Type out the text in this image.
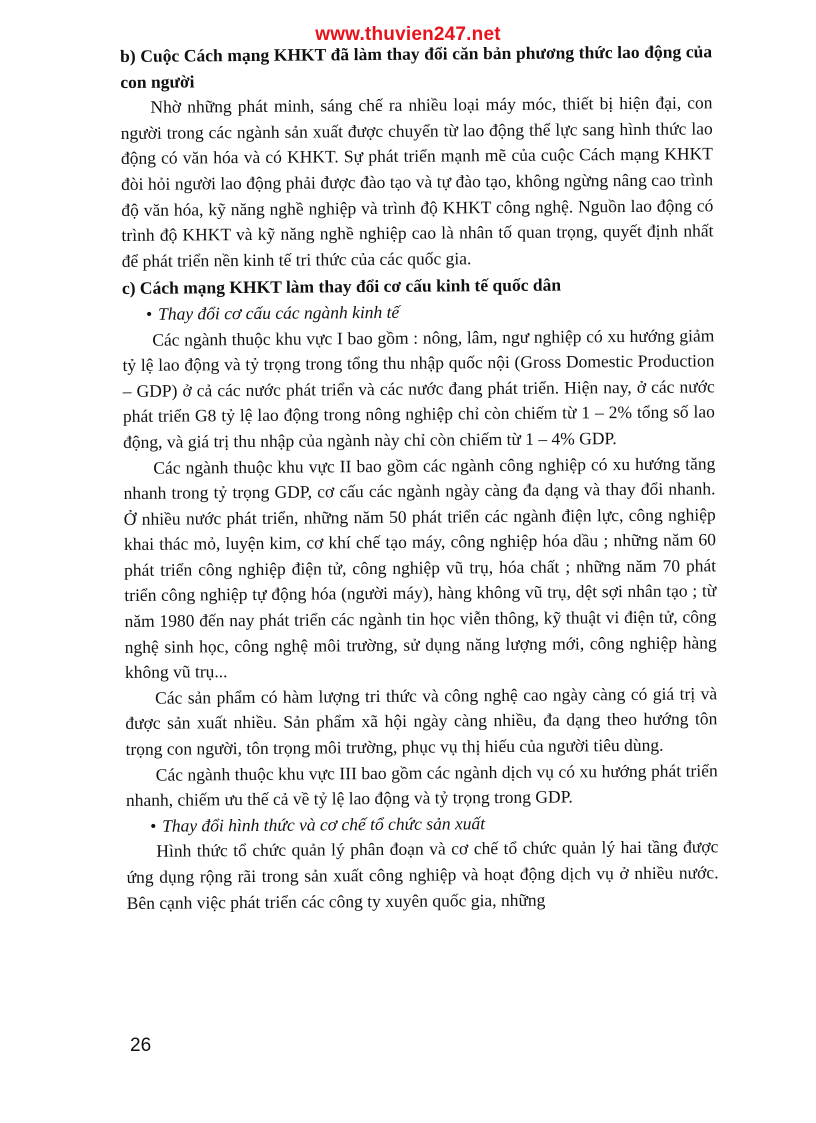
www.thuvien247.net

b) Cuộc Cách mạng KHKT đã làm thay đổi căn bản phương thức lao động của con người

Nhờ những phát minh, sáng chế ra nhiều loại máy móc, thiết bị hiện đại, con người trong các ngành sản xuất được chuyển từ lao động thể lực sang hình thức lao động có văn hóa và có KHKT. Sự phát triển mạnh mẽ của cuộc Cách mạng KHKT đòi hỏi người lao động phải được đào tạo và tự đào tạo, không ngừng nâng cao trình độ văn hóa, kỹ năng nghề nghiệp và trình độ KHKT công nghệ. Nguồn lao động có trình độ KHKT và kỹ năng nghề nghiệp cao là nhân tố quan trọng, quyết định nhất để phát triển nền kinh tế tri thức của các quốc gia.

c) Cách mạng KHKT làm thay đổi cơ cấu kinh tế quốc dân

• Thay đổi cơ cấu các ngành kinh tế

Các ngành thuộc khu vực I bao gồm : nông, lâm, ngư nghiệp có xu hướng giảm tỷ lệ lao động và tỷ trọng trong tổng thu nhập quốc nội (Gross Domestic Production – GDP) ở cả các nước phát triển và các nước đang phát triển. Hiện nay, ở các nước phát triển G8 tỷ lệ lao động trong nông nghiệp chỉ còn chiếm từ 1 – 2% tổng số lao động, và giá trị thu nhập của ngành này chỉ còn chiếm từ 1 – 4% GDP.

Các ngành thuộc khu vực II bao gồm các ngành công nghiệp có xu hướng tăng nhanh trong tỷ trọng GDP, cơ cấu các ngành ngày càng đa dạng và thay đổi nhanh. Ở nhiều nước phát triển, những năm 50 phát triển các ngành điện lực, công nghiệp khai thác mỏ, luyện kim, cơ khí chế tạo máy, công nghiệp hóa dầu ; những năm 60 phát triển công nghiệp điện tử, công nghiệp vũ trụ, hóa chất ; những năm 70 phát triển công nghiệp tự động hóa (người máy), hàng không vũ trụ, dệt sợi nhân tạo ; từ năm 1980 đến nay phát triển các ngành tin học viễn thông, kỹ thuật vi điện tử, công nghệ sinh học, công nghệ môi trường, sử dụng năng lượng mới, công nghiệp hàng không vũ trụ...

Các sản phẩm có hàm lượng tri thức và công nghệ cao ngày càng có giá trị và được sản xuất nhiều. Sản phẩm xã hội ngày càng nhiều, đa dạng theo hướng tôn trọng con người, tôn trọng môi trường, phục vụ thị hiếu của người tiêu dùng.

Các ngành thuộc khu vực III bao gồm các ngành dịch vụ có xu hướng phát triển nhanh, chiếm ưu thế cả về tỷ lệ lao động và tỷ trọng trong GDP.

• Thay đổi hình thức và cơ chế tổ chức sản xuất

Hình thức tổ chức quản lý phân đoạn và cơ chế tổ chức quản lý hai tầng được ứng dụng rộng rãi trong sản xuất công nghiệp và hoạt động dịch vụ ở nhiều nước. Bên cạnh việc phát triển các công ty xuyên quốc gia, những

26
